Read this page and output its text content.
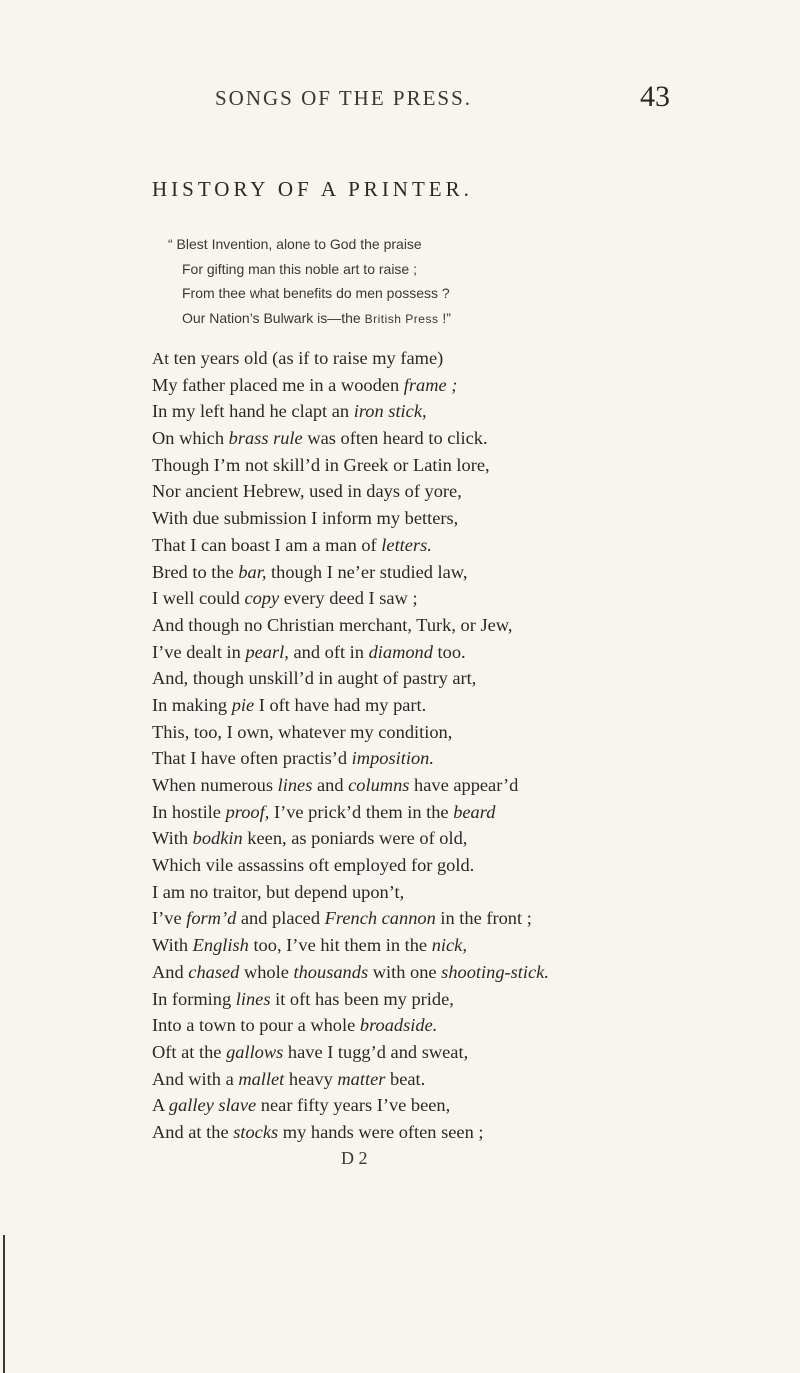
SONGS OF THE PRESS.	43
HISTORY OF A PRINTER.
“ Blest Invention, alone to God the praise
For gifting man this noble art to raise ;
From thee what benefits do men possess ?
Our Nation’s Bulwark is—the British Press !”
At ten years old (as if to raise my fame)
My father placed me in a wooden frame ;
In my left hand he clapt an iron stick,
On which brass rule was often heard to click.
Though I’m not skill’d in Greek or Latin lore,
Nor ancient Hebrew, used in days of yore,
With due submission I inform my betters,
That I can boast I am a man of letters.
Bred to the bar, though I ne’er studied law,
I well could copy every deed I saw ;
And though no Christian merchant, Turk, or Jew,
I’ve dealt in pearl, and oft in diamond too.
And, though unskill’d in aught of pastry art,
In making pie I oft have had my part.
This, too, I own, whatever my condition,
That I have often practis’d imposition.
When numerous lines and columns have appear’d
In hostile proof, I’ve prick’d them in the beard
With bodkin keen, as poniards were of old,
Which vile assassins oft employed for gold.
I am no traitor, but depend upon’t,
I’ve form’d and placed French cannon in the front ;
With English too, I’ve hit them in the nick,
And chased whole thousands with one shooting-stick.
In forming lines it oft has been my pride,
Into a town to pour a whole broadside.
Oft at the gallows have I tugg’d and sweat,
And with a mallet heavy matter beat.
A galley slave near fifty years I’ve been,
And at the stocks my hands were often seen ;
D 2
